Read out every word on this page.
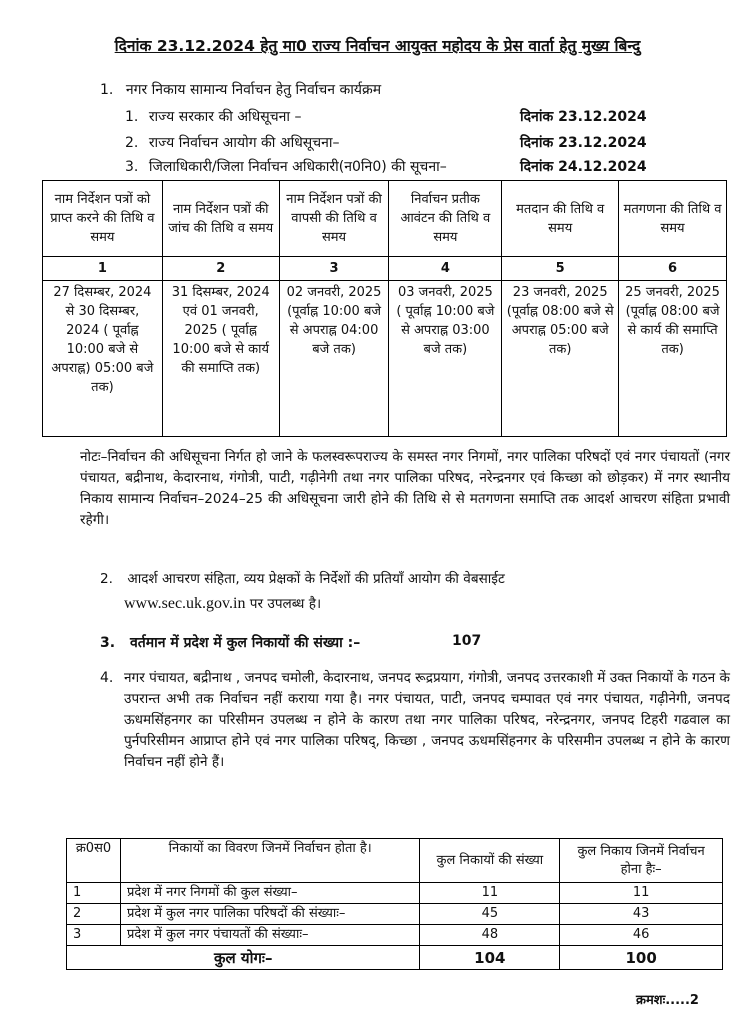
दिनांक 23.12.2024 हेतु मा0 राज्य निर्वाचन आयुक्त महोदय के प्रेस वार्ता हेतु मुख्य बिन्दु
1. नगर निकाय सामान्य निर्वाचन हेतु निर्वाचन कार्यक्रम
1. राज्य सरकार की अधिसूचना –	दिनांक 23.12.2024
2. राज्य निर्वाचन आयोग की अधिसूचना–	दिनांक 23.12.2024
3. जिलाधिकारी/जिला निर्वाचन अधिकारी(न0नि0) की सूचना–	दिनांक 24.12.2024
नाम निर्देशन पत्रों को प्राप्त करने की तिथि व समय	नाम निर्देशन पत्रों की जांच की तिथि व समय	नाम निर्देशन पत्रों की वापसी की तिथि व समय	निर्वाचन प्रतीक आवंटन की तिथि व समय	मतदान की तिथि व समय	मतगणना की तिथि व समय
1	2	3	4	5	6
27 दिसम्बर, 2024 से 30 दिसम्बर, 2024 ( पूर्वाह्न 10:00 बजे से अपराह्न) 05:00 बजे तक)	31 दिसम्बर, 2024 एवं 01 जनवरी, 2025 ( पूर्वाह्न 10:00 बजे से कार्य की समाप्ति तक)	02 जनवरी, 2025 (पूर्वाह्न 10:00 बजे से अपराह्न 04:00 बजे तक)	03 जनवरी, 2025 ( पूर्वाह्न 10:00 बजे से अपराह्न 03:00 बजे तक)	23 जनवरी, 2025 (पूर्वाह्न 08:00 बजे से अपराह्न 05:00 बजे तक)	25 जनवरी, 2025 (पूर्वाह्न 08:00 बजे से कार्य की समाप्ति तक)
नोटः–निर्वाचन की अधिसूचना निर्गत हो जाने के फलस्वरूपराज्य के समस्त नगर निगमों, नगर पालिका परिषदों एवं नगर पंचायतों (नगर पंचायत, बद्रीनाथ, केदारनाथ, गंगोत्री, पाटी, गढ़ीनेगी तथा नगर पालिका परिषद, नरेन्द्रनगर एवं किच्छा को छोड़कर) में नगर स्थानीय निकाय सामान्य निर्वाचन–2024–25 की अधिसूचना जारी होने की तिथि से से मतगणना समाप्ति तक आदर्श आचरण संहिता प्रभावी रहेगी।
2. आदर्श आचरण संहिता, व्यय प्रेक्षकों के निर्देशों की प्रतियाँ आयोग की वेबसाईट
www.sec.uk.gov.in पर उपलब्ध है।
3. वर्तमान में प्रदेश में कुल निकायों की संख्या :–	107
4. नगर पंचायत, बद्रीनाथ , जनपद चमोली, केदारनाथ, जनपद रूद्रप्रयाग, गंगोत्री, जनपद उत्तरकाशी में उक्त निकायों के गठन के उपरान्त अभी तक निर्वाचन नहीं कराया गया है। नगर पंचायत, पाटी, जनपद चम्पावत एवं नगर पंचायत, गढ़ीनेगी, जनपद ऊधमसिंहनगर का परिसीमन उपलब्ध न होने के कारण तथा नगर पालिका परिषद, नरेन्द्रनगर, जनपद टिहरी गढवाल का पुर्नपरिसीमन आप्राप्त होने एवं नगर पालिका परिषद्, किच्छा , जनपद ऊधमसिंहनगर के परिसमीन उपलब्ध न होने के कारण निर्वाचन नहीं होने हैं।
क्र0स0	निकायों का विवरण जिनमें निर्वाचन होता है।	कुल निकायों की संख्या	कुल निकाय जिनमें निर्वाचन होना हैः–
1	प्रदेश में नगर निगमों की कुल संख्या–	11	11
2	प्रदेश में कुल नगर पालिका परिषदों की संख्याः–	45	43
3	प्रदेश में कुल नगर पंचायतों की संख्याः–	48	46
कुल योगः–		104	100
क्रमशः.....2
